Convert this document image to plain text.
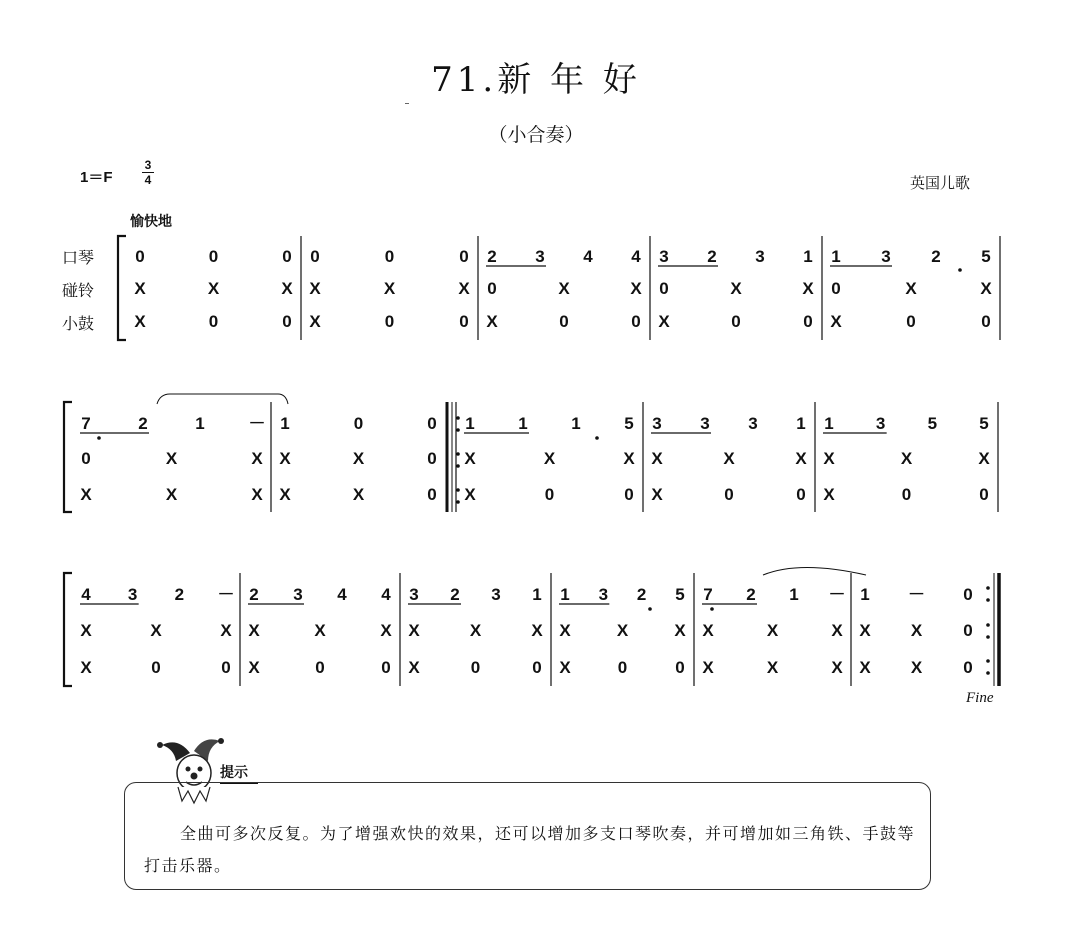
71.新 年 好
（小合奏）
1＝F
3
4	英国儿歌
愉快地
口琴
碰铃
小鼓
Fine
0	0	0
X	X	X
X	0	0
0	0	0
X	X	X
X	0	0
2 3 4 4
0	X	X
X	0	0
3 2 3 1
0	X	X
X	0	0
1 3 2 5
0	X	X
X	0	0
7	2	1	－
0	X	X
X	X	X
1	0	0
X	X	0
X	X	0
1	1	1	5
X	X	X
X	0	0
3 3 3 1
X	X	X
X	0	0
1 3 5 5
X	X	X
X	0	0
4 3 2 －
X	X	X
X	0	0
2 3 4 4
X	X	X
X	0	0
3 2 3 1
X	X	X
X	0	0
1 3 2 5
X	X	X
X	0	0
7 2 1 －
X	X	X
X	X	X
1 － 0
X X 0
X X 0
提示
全曲可多次反复。为了增强欢快的效果，还可以增加多支口琴吹奏，并可增加如三角铁、手鼓等打击乐器。
